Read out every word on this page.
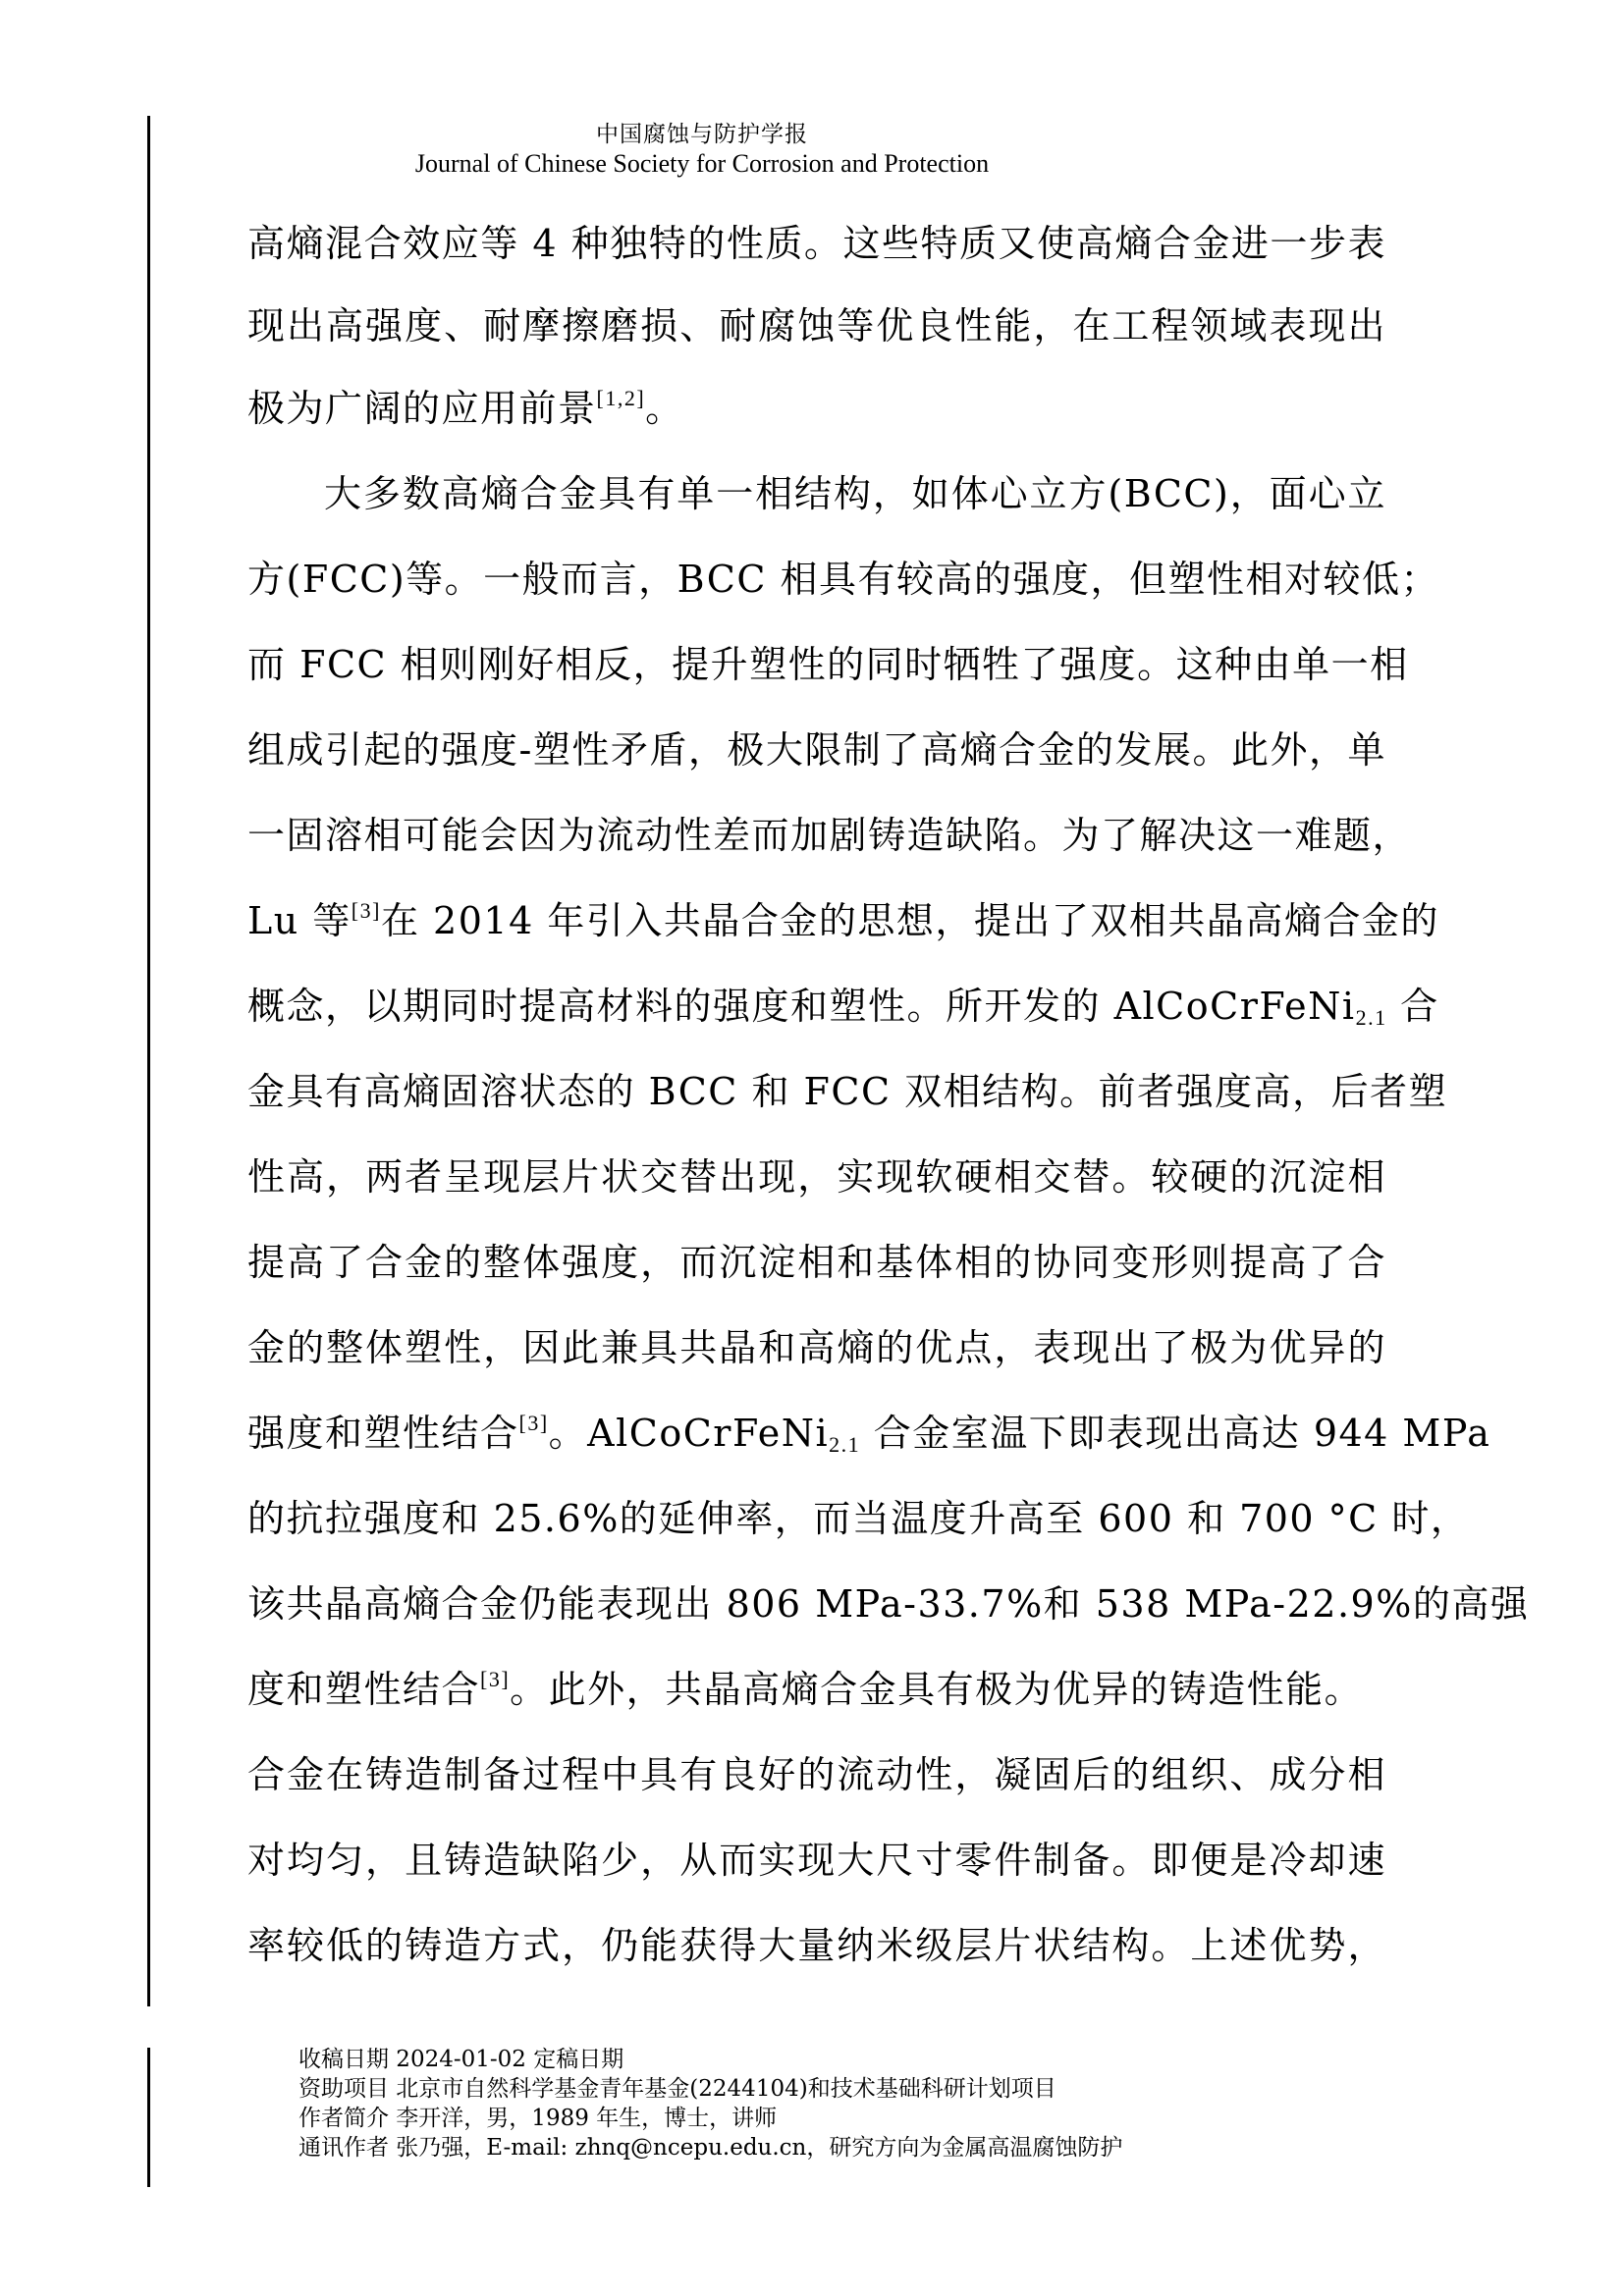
中国腐蚀与防护学报
Journal of Chinese Society for Corrosion and Protection
高熵混合效应等 4 种独特的性质。这些特质又使高熵合金进一步表
现出高强度、耐摩擦磨损、耐腐蚀等优良性能，在工程领域表现出
极为广阔的应用前景[1,2]。
大多数高熵合金具有单一相结构，如体心立方(BCC)，面心立
方(FCC)等。一般而言，BCC 相具有较高的强度，但塑性相对较低；
而 FCC 相则刚好相反，提升塑性的同时牺牲了强度。这种由单一相
组成引起的强度-塑性矛盾，极大限制了高熵合金的发展。此外，单
一固溶相可能会因为流动性差而加剧铸造缺陷。为了解决这一难题，
Lu 等[3]在 2014 年引入共晶合金的思想，提出了双相共晶高熵合金的
概念，以期同时提高材料的强度和塑性。所开发的 AlCoCrFeNi$_{2.1}$ 合
金具有高熵固溶状态的 BCC 和 FCC 双相结构。前者强度高，后者塑
性高，两者呈现层片状交替出现，实现软硬相交替。较硬的沉淀相
提高了合金的整体强度，而沉淀相和基体相的协同变形则提高了合
金的整体塑性，因此兼具共晶和高熵的优点，表现出了极为优异的
强度和塑性结合[3]。AlCoCrFeNi$_{2.1}$ 合金室温下即表现出高达 944 MPa
的抗拉强度和 25.6%的延伸率，而当温度升高至 600 和 700 °C 时，
该共晶高熵合金仍能表现出 806 MPa-33.7%和 538 MPa-22.9%的高强
度和塑性结合[3]。此外，共晶高熵合金具有极为优异的铸造性能。
合金在铸造制备过程中具有良好的流动性，凝固后的组织、成分相
对均匀，且铸造缺陷少，从而实现大尺寸零件制备。即便是冷却速
率较低的铸造方式，仍能获得大量纳米级层片状结构。上述优势，
收稿日期 2024-01-02 定稿日期
资助项目 北京市自然科学基金青年基金(2244104)和技术基础科研计划项目
作者简介 李开洋，男，1989 年生，博士，讲师
通讯作者 张乃强，E-mail: zhnq@ncepu.edu.cn，研究方向为金属高温腐蚀防护
